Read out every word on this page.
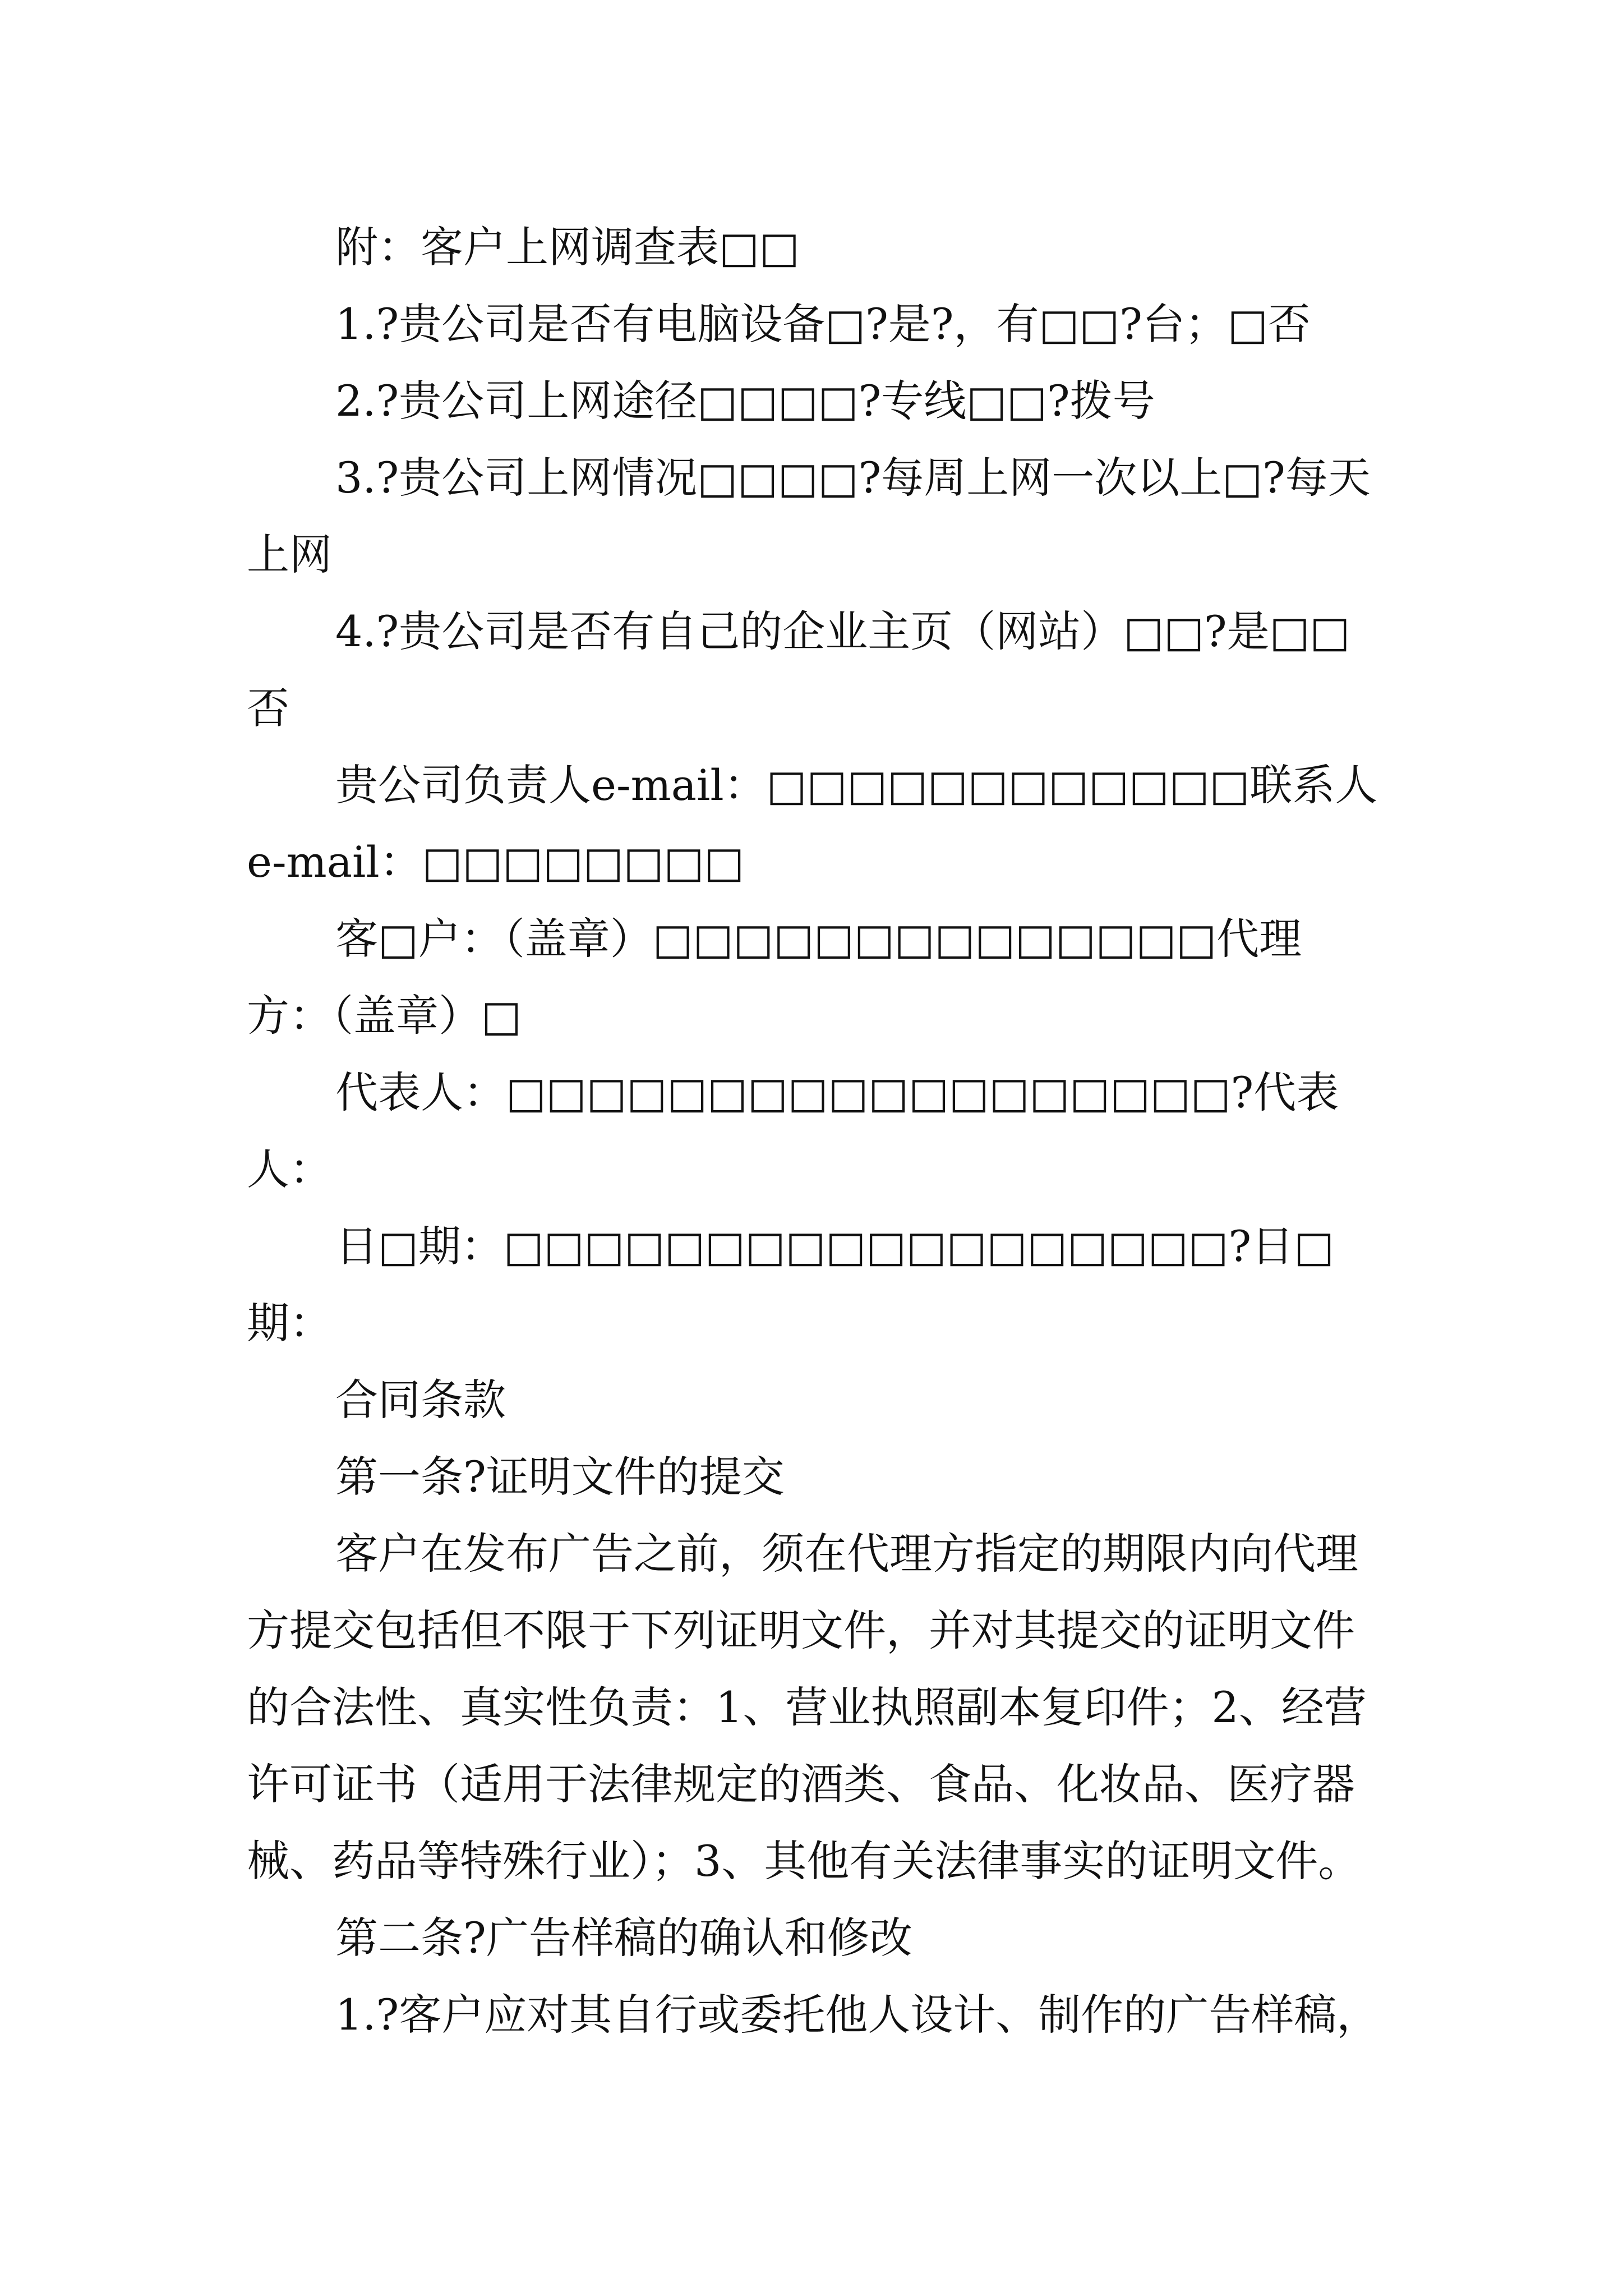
附：客户上网调查表□□

1.?贵公司是否有电脑设备□?是?，有□□?台；□否

2.?贵公司上网途径□□□□?专线□□?拨号

3.?贵公司上网情况□□□□?每周上网一次以上□?每天上网

4.?贵公司是否有自己的企业主页（网站）□□?是□□否

贵公司负责人e-mail：□□□□□□□□□□□□联系人e-mail：□□□□□□□□

客□户：（盖章）□□□□□□□□□□□□□□代理方：（盖章）□

代表人：□□□□□□□□□□□□□□□□□□?代表人：

日□期：□□□□□□□□□□□□□□□□□□?日□期：

合同条款

第一条?证明文件的提交

客户在发布广告之前，须在代理方指定的期限内向代理方提交包括但不限于下列证明文件，并对其提交的证明文件的合法性、真实性负责：1、营业执照副本复印件；2、经营许可证书（适用于法律规定的酒类、食品、化妆品、医疗器械、药品等特殊行业）；3、其他有关法律事实的证明文件。

第二条?广告样稿的确认和修改

1.?客户应对其自行或委托他人设计、制作的广告样稿，
